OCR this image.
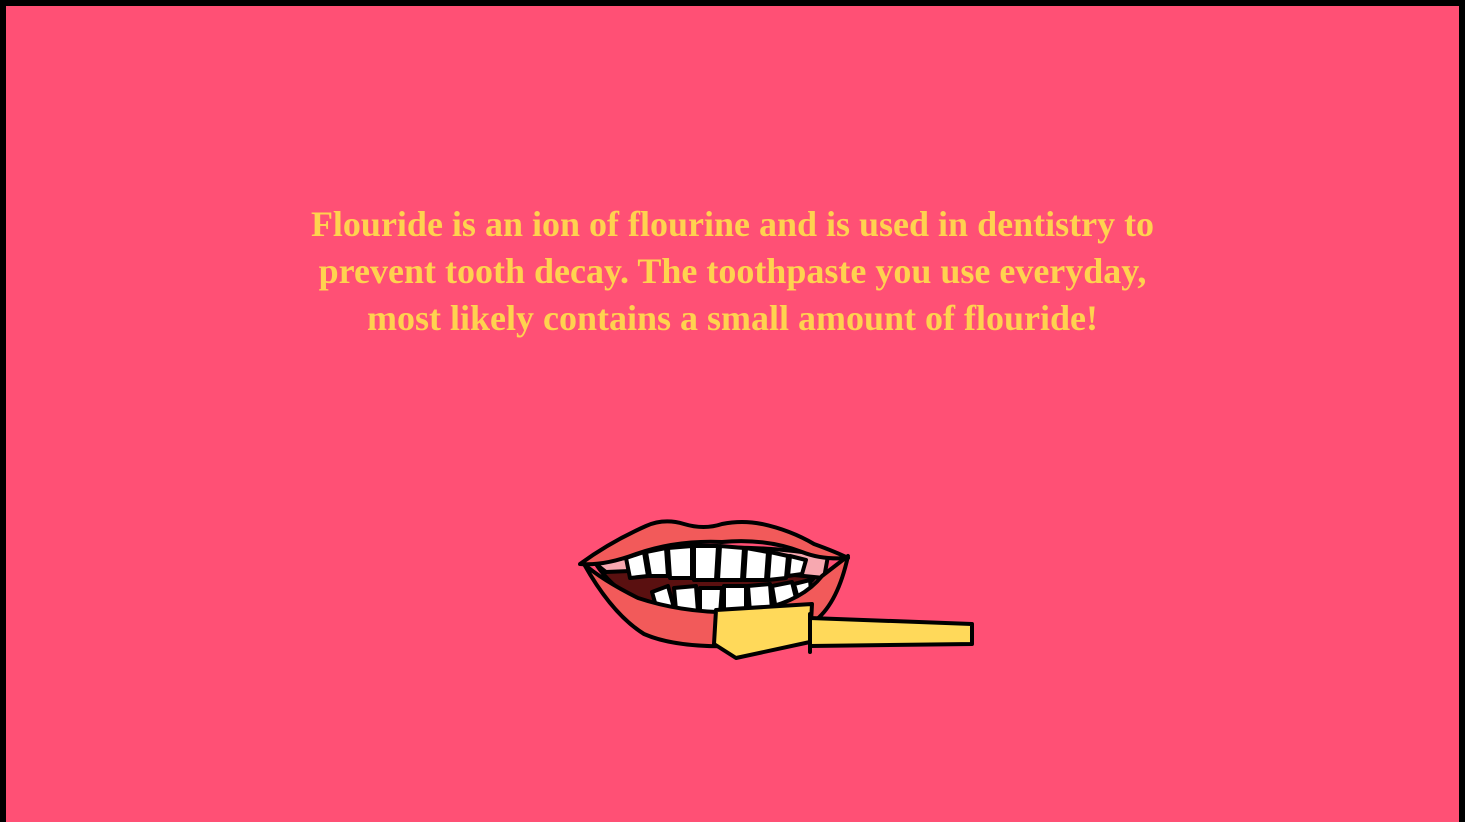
Flouride is an ion of flourine and is used in dentistry to
prevent tooth decay. The toothpaste you use everyday,
most likely contains a small amount of flouride!
